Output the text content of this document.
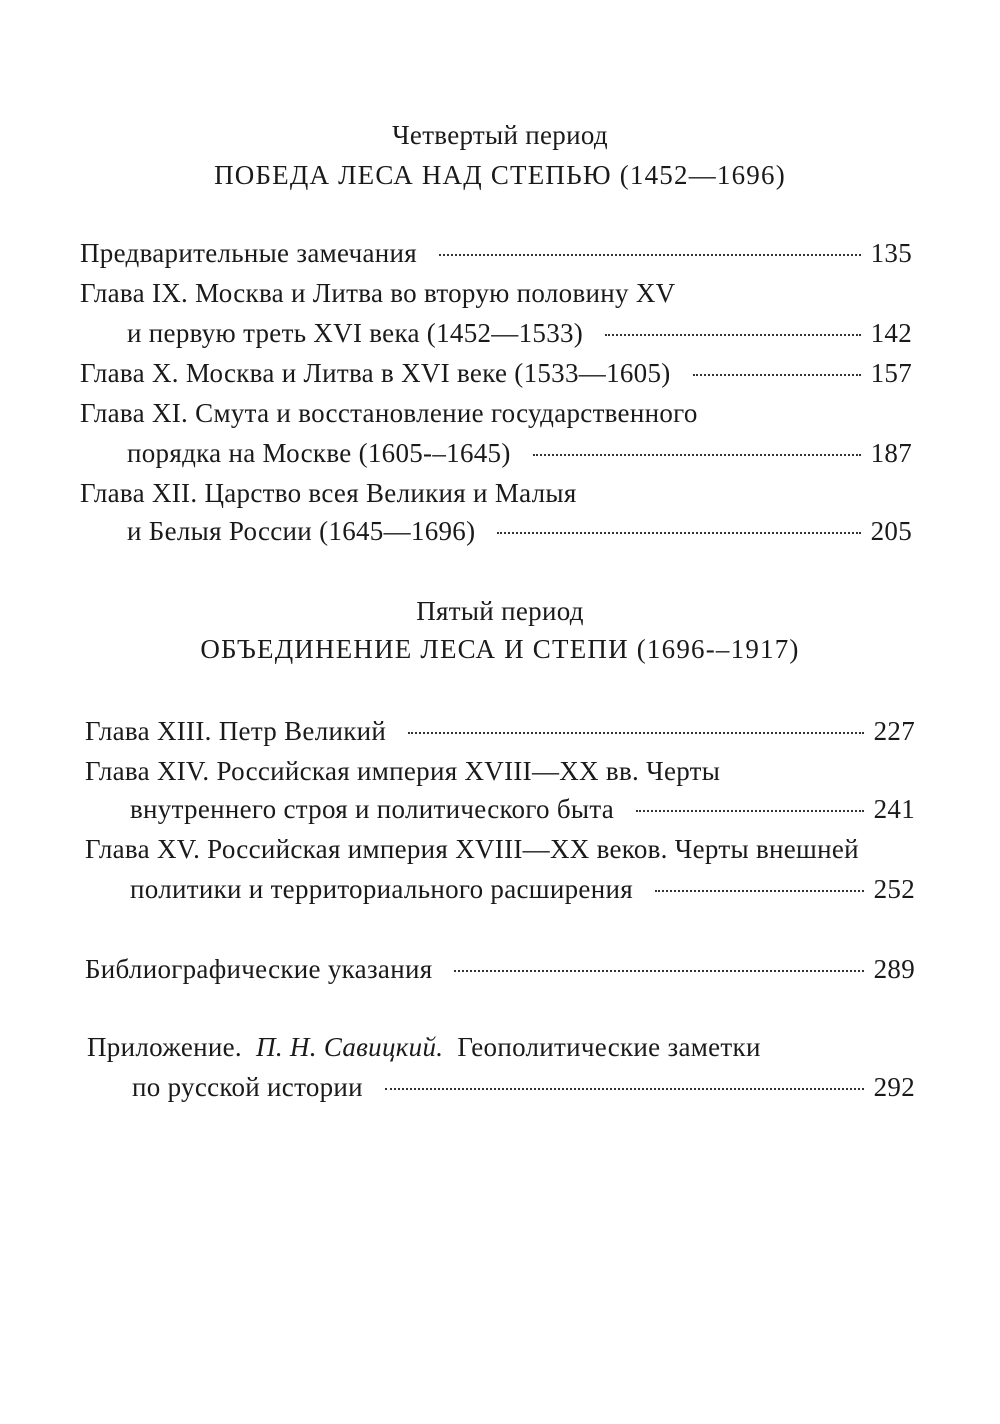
Четвертый период
ПОБЕДА ЛЕСА НАД СТЕПЬЮ (1452—1696)
Предварительные замечания	135
Глава IX. Москва и Литва во вторую половину XV
и первую треть XVI века (1452—1533)	142
Глава X. Москва и Литва в XVI веке (1533—1605)	157
Глава XI. Смута и восстановление государственного
порядка на Москве (1605-–1645)	187
Глава XII. Царство всея Великия и Малыя
и Белыя России (1645—1696)	205
Пятый период
ОБЪЕДИНЕНИЕ ЛЕСА И СТЕПИ (1696-–1917)
Глава XIII. Петр Великий	227
Глава XIV. Российская империя XVIII—XX вв. Черты
внутреннего строя и политического быта	241
Глава XV. Российская империя XVIII—XX веков. Черты внешней
политики и территориального расширения	252
Библиографические указания	289
Приложение. П. Н. Савицкий. Геополитические заметки
по русской истории	292
